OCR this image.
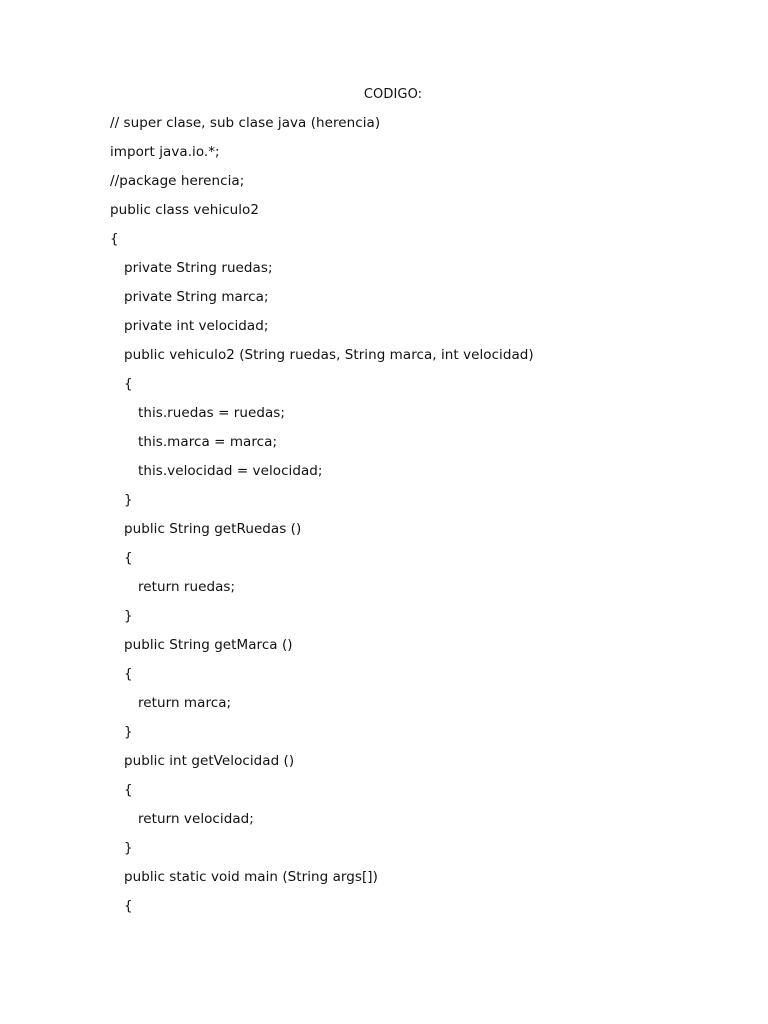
CODIGO:
// super clase, sub clase java (herencia)
import java.io.*;
//package herencia;
public class vehiculo2
{
private String ruedas;
private String marca;
private int velocidad;
public vehiculo2 (String ruedas, String marca, int velocidad)
{
this.ruedas = ruedas;
this.marca = marca;
this.velocidad = velocidad;
}
public String getRuedas ()
{
return ruedas;
}
public String getMarca ()
{
return marca;
}
public int getVelocidad ()
{
return velocidad;
}
public static void main (String args[])
{
